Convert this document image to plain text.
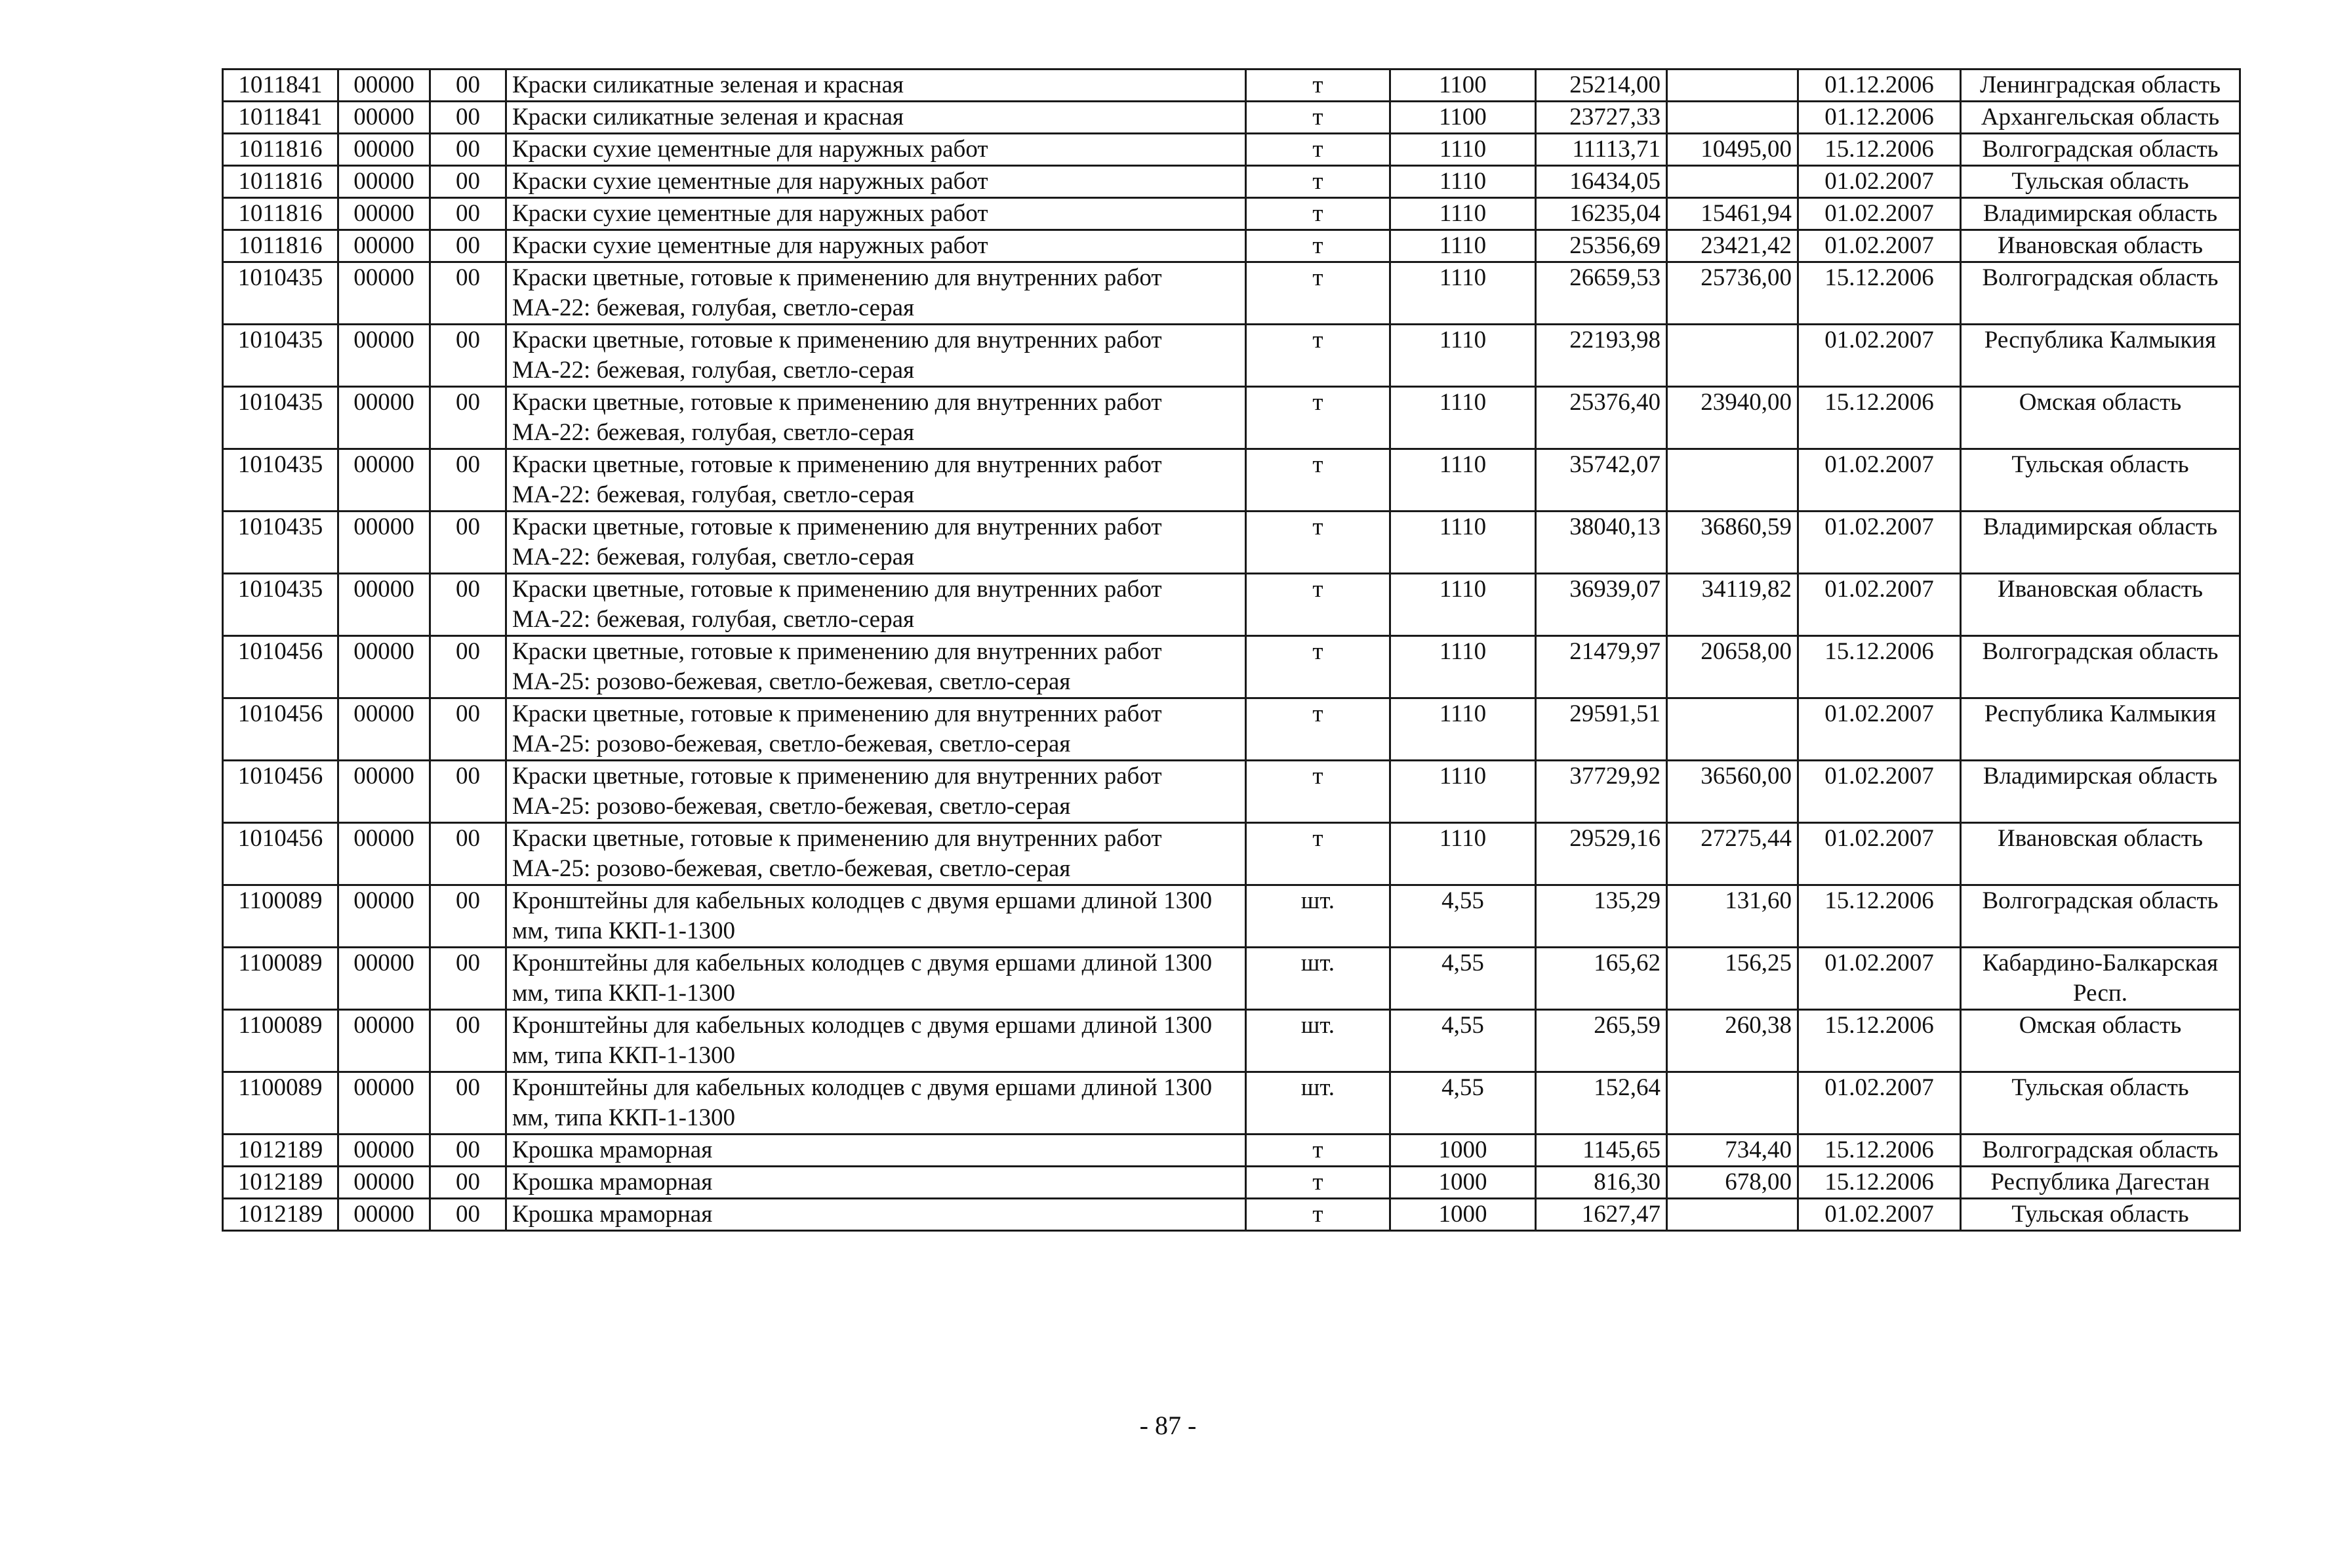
1011841	00000	00	Краски силикатные зеленая и красная	т	1100	25214,00		01.12.2006	Ленинградская область
1011841	00000	00	Краски силикатные зеленая и красная	т	1100	23727,33		01.12.2006	Архангельская область
1011816	00000	00	Краски сухие цементные для наружных работ	т	1110	11113,71	10495,00	15.12.2006	Волгоградская область
1011816	00000	00	Краски сухие цементные для наружных работ	т	1110	16434,05		01.02.2007	Тульская область
1011816	00000	00	Краски сухие цементные для наружных работ	т	1110	16235,04	15461,94	01.02.2007	Владимирская область
1011816	00000	00	Краски сухие цементные для наружных работ	т	1110	25356,69	23421,42	01.02.2007	Ивановская область
1010435	00000	00	Краски цветные, готовые к применению для внутренних работ МА-22: бежевая, голубая, светло-серая	т	1110	26659,53	25736,00	15.12.2006	Волгоградская область
1010435	00000	00	Краски цветные, готовые к применению для внутренних работ МА-22: бежевая, голубая, светло-серая	т	1110	22193,98		01.02.2007	Республика Калмыкия
1010435	00000	00	Краски цветные, готовые к применению для внутренних работ МА-22: бежевая, голубая, светло-серая	т	1110	25376,40	23940,00	15.12.2006	Омская область
1010435	00000	00	Краски цветные, готовые к применению для внутренних работ МА-22: бежевая, голубая, светло-серая	т	1110	35742,07		01.02.2007	Тульская область
1010435	00000	00	Краски цветные, готовые к применению для внутренних работ МА-22: бежевая, голубая, светло-серая	т	1110	38040,13	36860,59	01.02.2007	Владимирская область
1010435	00000	00	Краски цветные, готовые к применению для внутренних работ МА-22: бежевая, голубая, светло-серая	т	1110	36939,07	34119,82	01.02.2007	Ивановская область
1010456	00000	00	Краски цветные, готовые к применению для внутренних работ МА-25: розово-бежевая, светло-бежевая, светло-серая	т	1110	21479,97	20658,00	15.12.2006	Волгоградская область
1010456	00000	00	Краски цветные, готовые к применению для внутренних работ МА-25: розово-бежевая, светло-бежевая, светло-серая	т	1110	29591,51		01.02.2007	Республика Калмыкия
1010456	00000	00	Краски цветные, готовые к применению для внутренних работ МА-25: розово-бежевая, светло-бежевая, светло-серая	т	1110	37729,92	36560,00	01.02.2007	Владимирская область
1010456	00000	00	Краски цветные, готовые к применению для внутренних работ МА-25: розово-бежевая, светло-бежевая, светло-серая	т	1110	29529,16	27275,44	01.02.2007	Ивановская область
1100089	00000	00	Кронштейны для кабельных колодцев с двумя ершами длиной 1300 мм, типа ККП-1-1300	шт.	4,55	135,29	131,60	15.12.2006	Волгоградская область
1100089	00000	00	Кронштейны для кабельных колодцев с двумя ершами длиной 1300 мм, типа ККП-1-1300	шт.	4,55	165,62	156,25	01.02.2007	Кабардино-Балкарская Респ.
1100089	00000	00	Кронштейны для кабельных колодцев с двумя ершами длиной 1300 мм, типа ККП-1-1300	шт.	4,55	265,59	260,38	15.12.2006	Омская область
1100089	00000	00	Кронштейны для кабельных колодцев с двумя ершами длиной 1300 мм, типа ККП-1-1300	шт.	4,55	152,64		01.02.2007	Тульская область
1012189	00000	00	Крошка мраморная	т	1000	1145,65	734,40	15.12.2006	Волгоградская область
1012189	00000	00	Крошка мраморная	т	1000	816,30	678,00	15.12.2006	Республика Дагестан
1012189	00000	00	Крошка мраморная	т	1000	1627,47		01.02.2007	Тульская область
- 87 -
